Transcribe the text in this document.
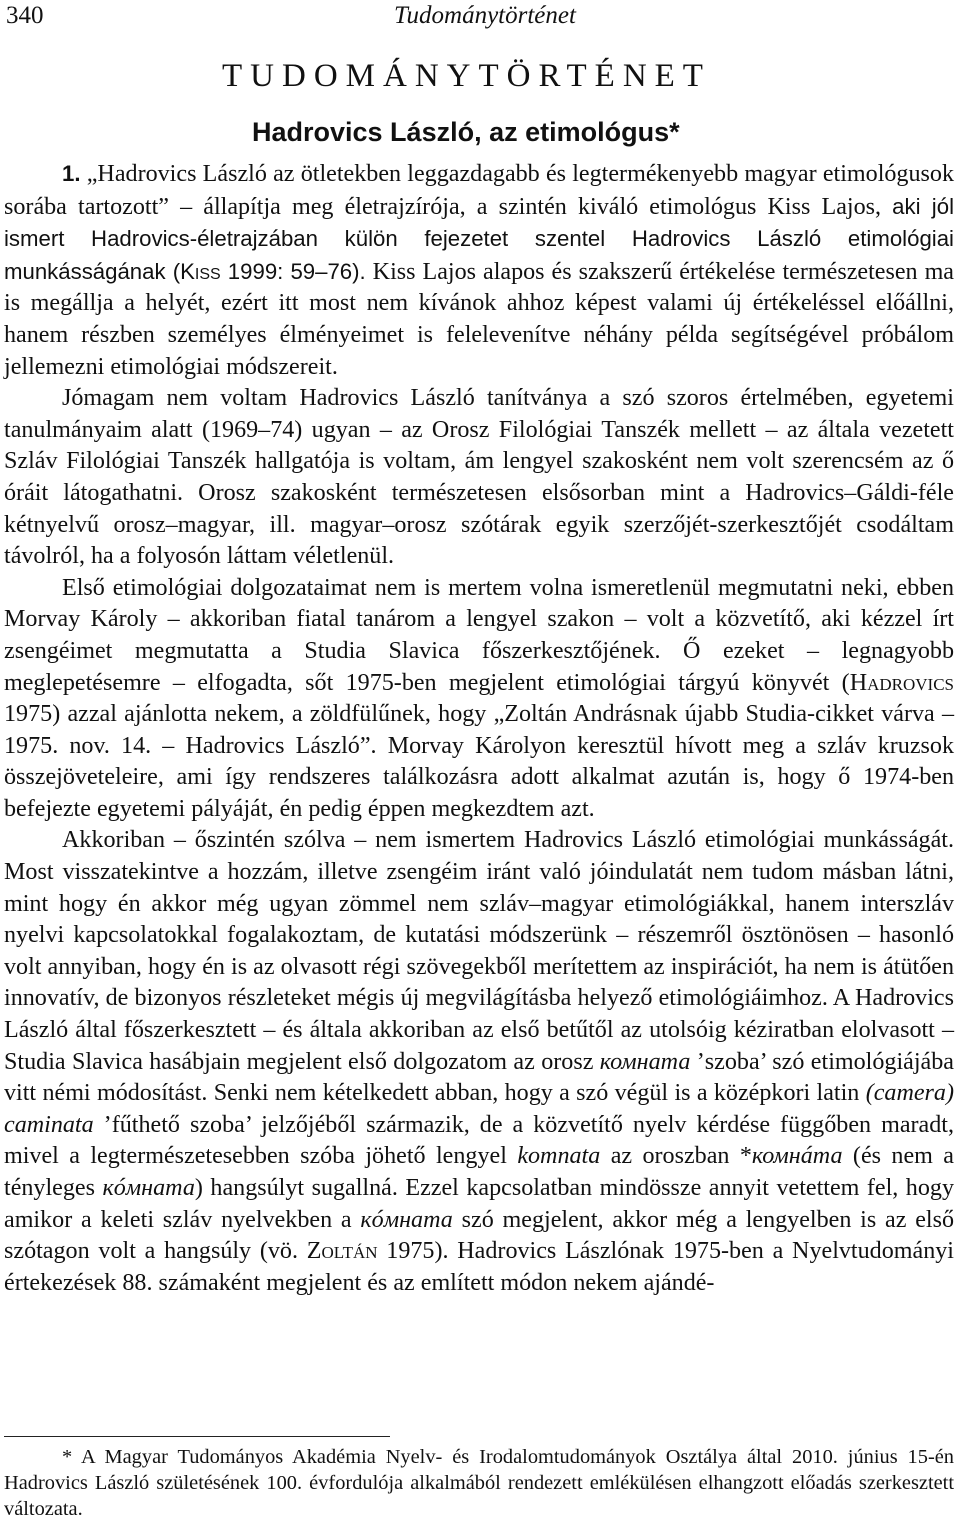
340	Tudománytörténet
TUDOMÁNYTÖRTÉNET
Hadrovics László, az etimológus*

1. „Hadrovics László az ötletekben leggazdagabb és legtermékenyebb magyar etimológusok sorába tartozott” – állapítja meg életrajzírója, a szintén kiváló etimológus Kiss Lajos, aki jól ismert Hadrovics-életrajzában külön fejezetet szentel Hadrovics László etimológiai munkásságának (Kiss 1999: 59–76). Kiss Lajos alapos és szakszerű értékelése természetesen ma is megállja a helyét, ezért itt most nem kívánok ahhoz képest valami új értékeléssel előállni, hanem részben személyes élményeimet is felelevenítve néhány példa segítségével próbálom jellemezni etimológiai módszereit.

Jómagam nem voltam Hadrovics László tanítványa a szó szoros értelmében, egyetemi tanulmányaim alatt (1969–74) ugyan – az Orosz Filológiai Tanszék mellett – az általa vezetett Szláv Filológiai Tanszék hallgatója is voltam, ám lengyel szakosként nem volt szerencsém az ő óráit látogathatni. Orosz szakosként természetesen elsősorban mint a Hadrovics–Gáldi-féle kétnyelvű orosz–magyar, ill. magyar–orosz szótárak egyik szerzőjét-szerkesztőjét csodáltam távolról, ha a folyosón láttam véletlenül.

Első etimológiai dolgozataimat nem is mertem volna ismeretlenül megmutatni neki, ebben Morvay Károly – akkoriban fiatal tanárom a lengyel szakon – volt a közvetítő, aki kézzel írt zsengéimet megmutatta a Studia Slavica főszerkesztőjének. Ő ezeket – legnagyobb meglepetésemre – elfogadta, sőt 1975-ben megjelent etimológiai tárgyú könyvét (Hadrovics 1975) azzal ajánlotta nekem, a zöldfülűnek, hogy „Zoltán Andrásnak újabb Studia-cikket várva – 1975. nov. 14. – Hadrovics László”. Morvay Károlyon keresztül hívott meg a szláv kruzsok összejöveteleire, ami így rendszeres találkozásra adott alkalmat azután is, hogy ő 1974-ben befejezte egyetemi pályáját, én pedig éppen megkezdtem azt.

Akkoriban – őszintén szólva – nem ismertem Hadrovics László etimológiai munkásságát. Most visszatekintve a hozzám, illetve zsengéim iránt való jóindulatát nem tudom másban látni, mint hogy én akkor még ugyan zömmel nem szláv–magyar etimológiákkal, hanem interszláv nyelvi kapcsolatokkal fogalakoztam, de kutatási módszerünk – részemről ösztönösen – hasonló volt annyiban, hogy én is az olvasott régi szövegekből merítettem az inspirációt, ha nem is átütően innovatív, de bizonyos részleteket mégis új megvilágításba helyező etimológiáimhoz. A Hadrovics László által főszerkesztett – és általa akkoriban az első betűtől az utolsóig kéziratban elolvasott – Studia Slavica hasábjain megjelent első dolgozatom az orosz комната ’szoba’ szó etimológiájába vitt némi módosítást. Senki nem kételkedett abban, hogy a szó végül is a középkori latin (camera) caminata ’fűthető szoba’ jelzőjéből származik, de a közvetítő nyelv kérdése függőben maradt, mivel a legtermészetesebben szóba jöhető lengyel komnata az oroszban *комнáта (és nem a tényleges кóмната) hangsúlyt sugallná. Ezzel kapcsolatban mindössze annyit vetettem fel, hogy amikor a keleti szláv nyelvekben a кóмната szó megjelent, akkor még a lengyelben is az első szótagon volt a hangsúly (vö. Zoltán 1975). Hadrovics Lászlónak 1975-ben a Nyelvtudományi értekezések 88. számaként megjelent és az említett módon nekem ajándé-

* A Magyar Tudományos Akadémia Nyelv- és Irodalomtudományok Osztálya által 2010. június 15-én Hadrovics László születésének 100. évfordulója alkalmából rendezett emlékülésen elhangzott előadás szerkesztett változata.
